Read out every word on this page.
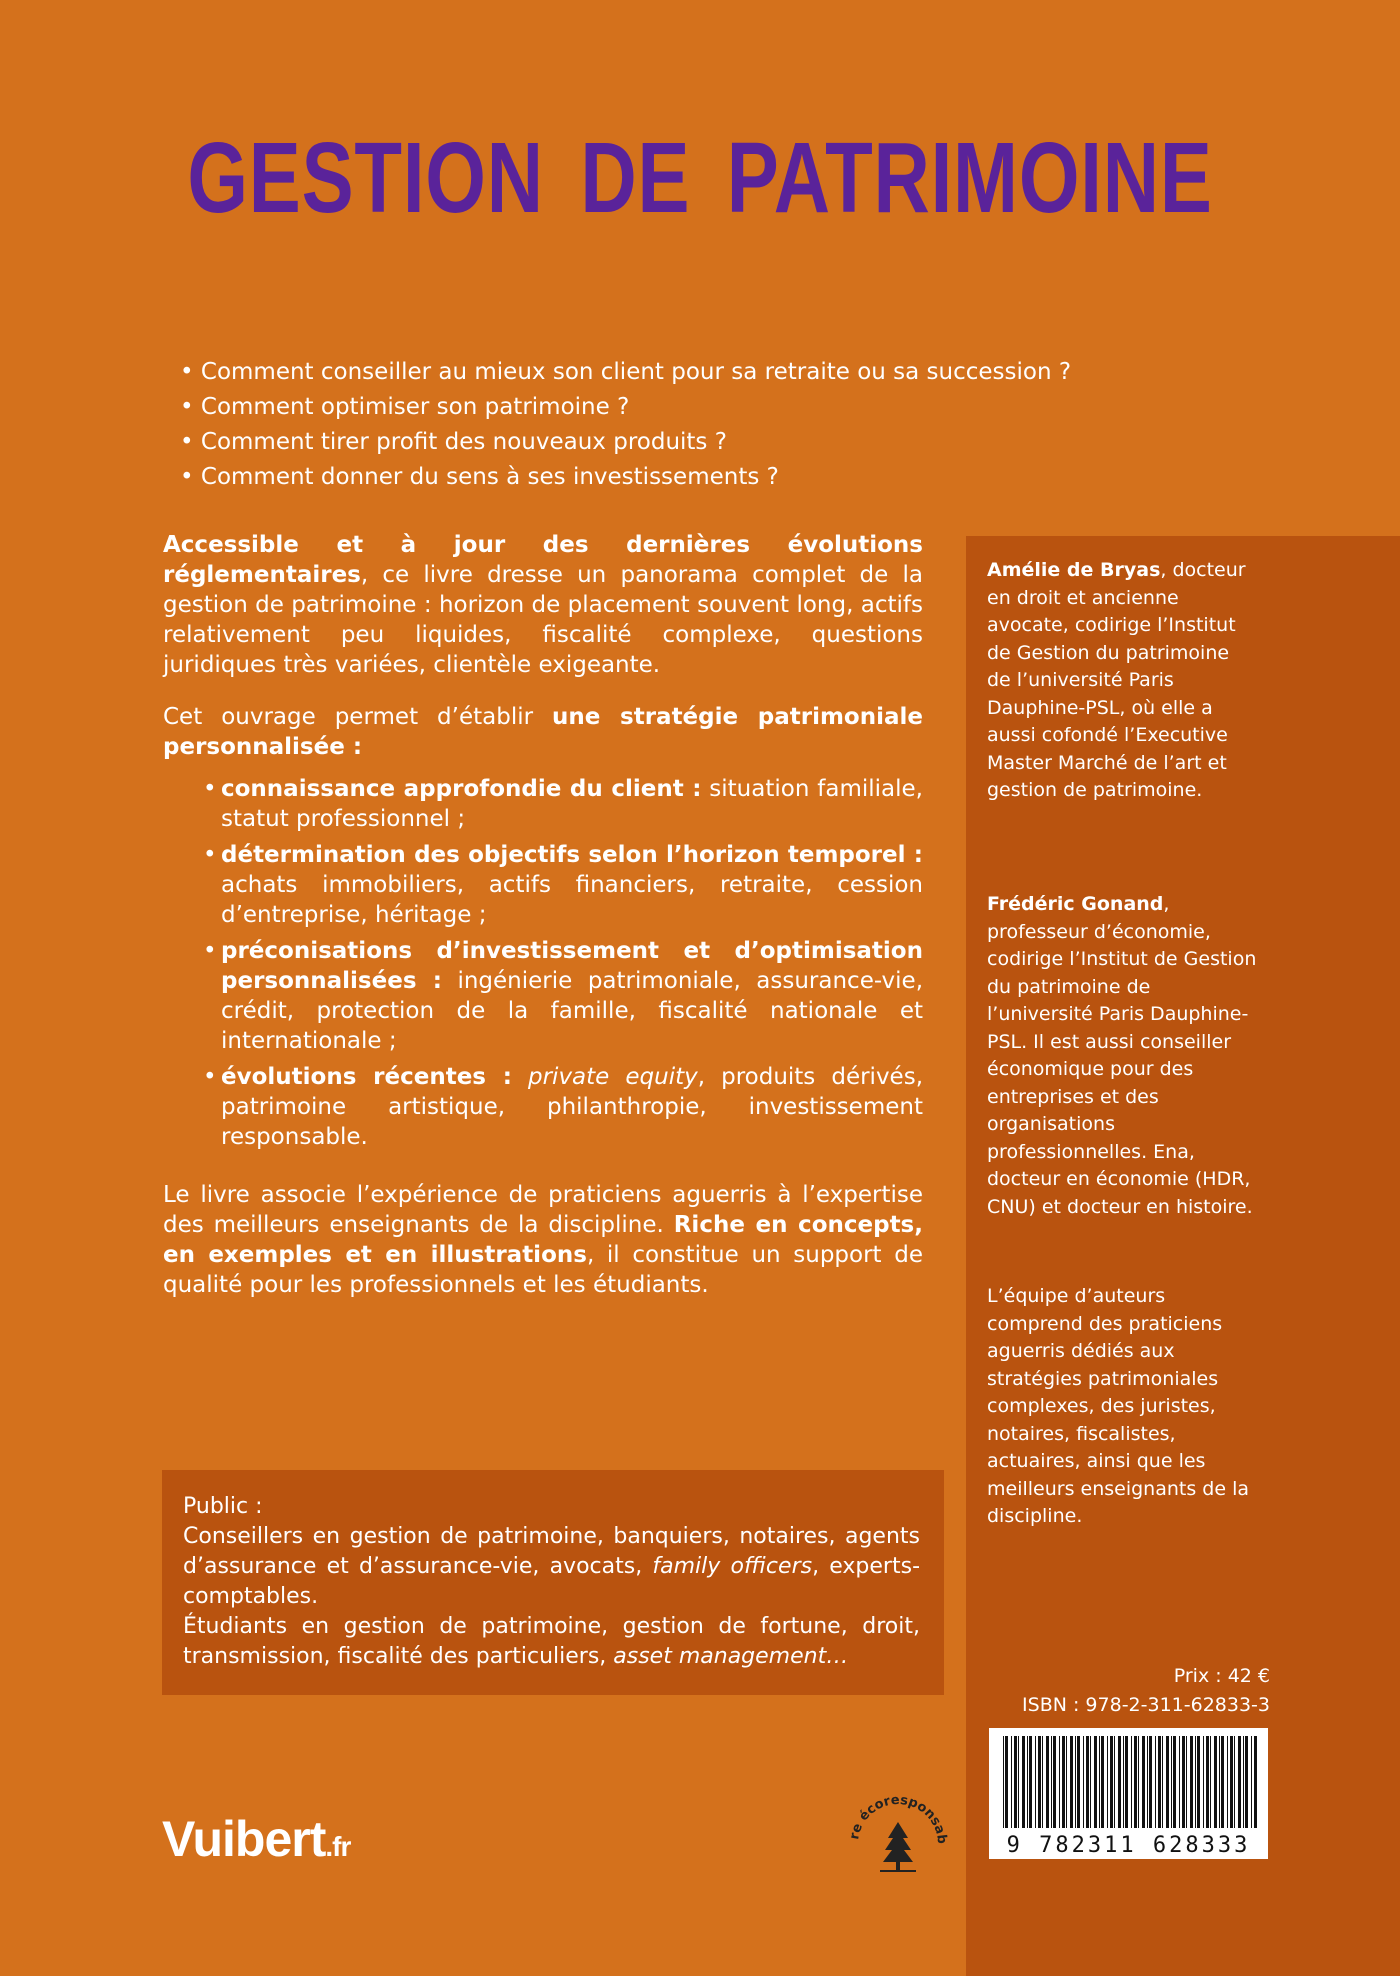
GESTION DE PATRIMOINE
• Comment conseiller au mieux son client pour sa retraite ou sa succession ?
• Comment optimiser son patrimoine ?
• Comment tirer profit des nouveaux produits ?
• Comment donner du sens à ses investissements ?

Accessible et à jour des dernières évolutions réglementaires, ce livre dresse un panorama complet de la gestion de patrimoine : horizon de placement souvent long, actifs relativement peu liquides, fiscalité complexe, questions juridiques très variées, clientèle exigeante.

Cet ouvrage permet d’établir une stratégie patrimoniale personnalisée :

• connaissance approfondie du client : situation familiale, statut professionnel ;
• détermination des objectifs selon l’horizon temporel : achats immobiliers, actifs financiers, retraite, cession d’entreprise, héritage ;
• préconisations d’investissement et d’optimisation personnalisées : ingénierie patrimoniale, assurance-vie, crédit, protection de la famille, fiscalité nationale et internationale ;
• évolutions récentes : private equity, produits dérivés, patrimoine artistique, philanthropie, investissement responsable.

Le livre associe l’expérience de praticiens aguerris à l’expertise des meilleurs enseignants de la discipline. Riche en concepts, en exemples et en illustrations, il constitue un support de qualité pour les professionnels et les étudiants.

Public :
Conseillers en gestion de patrimoine, banquiers, notaires, agents d’assurance et d’assurance-vie, avocats, family officers, experts-comptables.
Étudiants en gestion de patrimoine, gestion de fortune, droit, transmission, fiscalité des particuliers, asset management…
Amélie de Bryas, docteur en droit et ancienne avocate, codirige l’Institut de Gestion du patrimoine de l’université Paris Dauphine-PSL, où elle a aussi cofondé l’Executive Master Marché de l’art et gestion de patrimoine.
Frédéric Gonand, professeur d’économie, codirige l’Institut de Gestion du patrimoine de l’université Paris Dauphine-PSL. Il est aussi conseiller économique pour des entreprises et des organisations professionnelles. Ena, docteur en économie (HDR, CNU) et docteur en histoire.
L’équipe d’auteurs comprend des praticiens aguerris dédiés aux stratégies patrimoniales complexes, des juristes, notaires, fiscalistes, actuaires, ainsi que les meilleurs enseignants de la discipline.
Prix : 42 €
ISBN : 978-2-311-62833-3
9 782311 628333
Vuibert.fr	re écoresponsab
